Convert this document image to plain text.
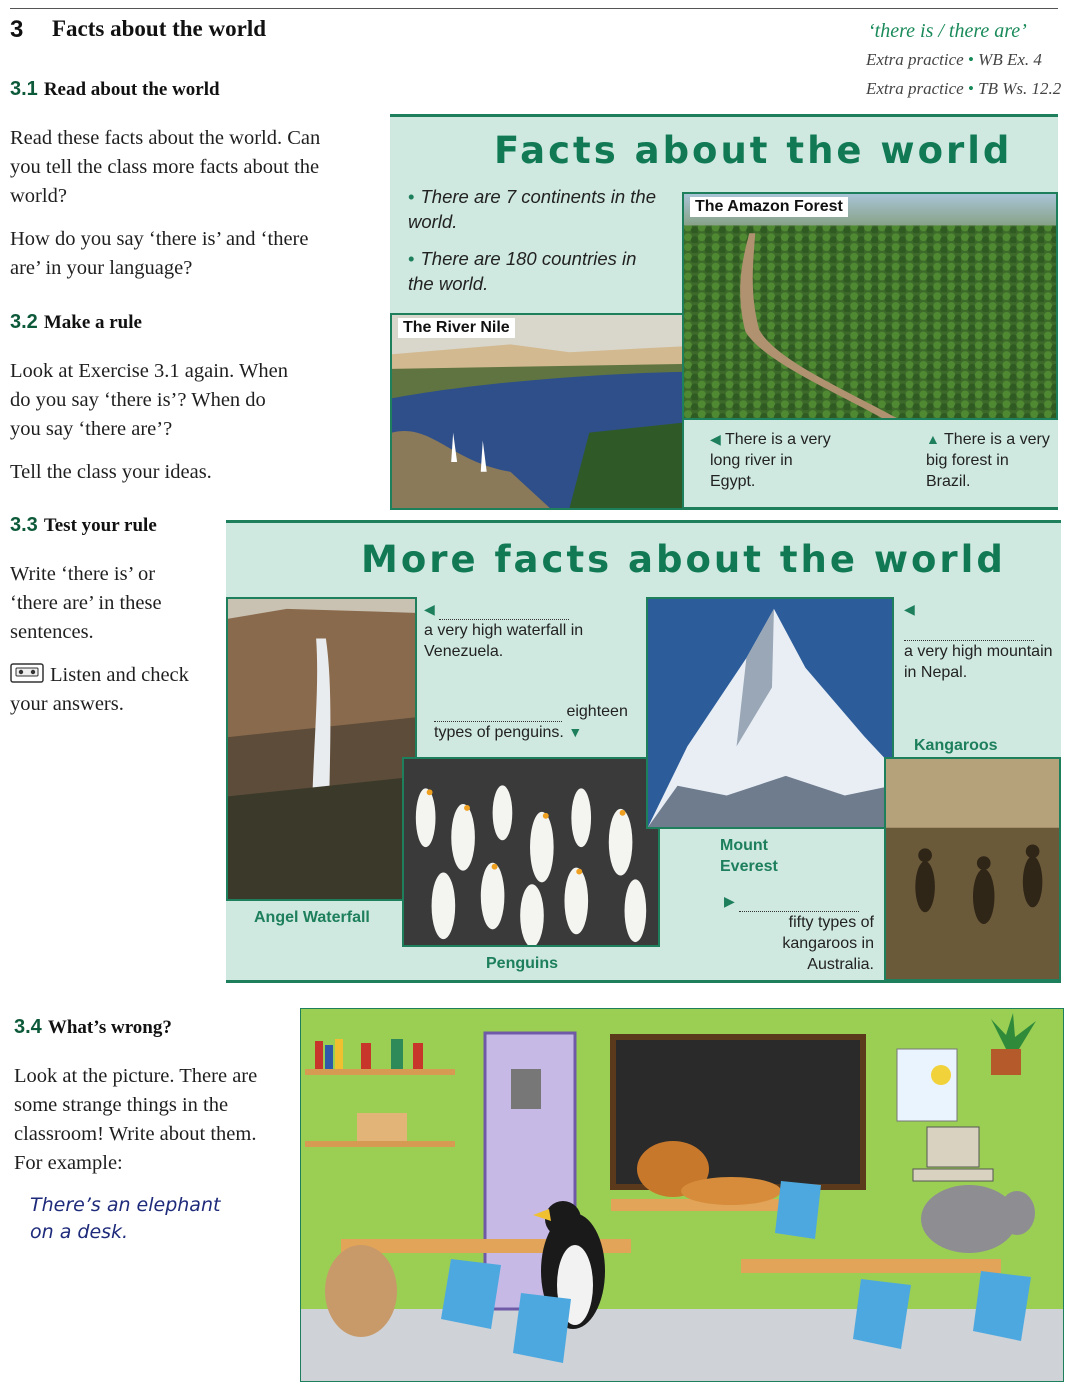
3 Facts about the world	‘there is / there are’
Extra practice • WB Ex. 4
Extra practice • TB Ws. 12.2
3.1 Read about the world
Read these facts about the world. Can you tell the class more facts about the world?
How do you say ‘there is’ and ‘there are’ in your language?
3.2 Make a rule
Look at Exercise 3.1 again. When do you say ‘there is’? When do you say ‘there are’?
Tell the class your ideas.
3.3 Test your rule
Write ‘there is’ or ‘there are’ in these sentences.
Listen and check your answers.
3.4 What’s wrong?
Look at the picture. There are some strange things in the classroom! Write about them. For example:
There’s an elephant on a desk.
Facts about the world
• There are 7 continents in the world.
• There are 180 countries in the world.
The Amazon Forest
The River Nile
◀ There is a very long river in Egypt.
▲ There is a very big forest in Brazil.
More facts about the world
Angel Waterfall
◀
a very high waterfall in Venezuela.
eighteen
types of penguins. ▼
Penguins
Mount
Everest
◀

a very high mountain in Nepal.
Kangaroos
▶
fifty types of kangaroos in Australia.
